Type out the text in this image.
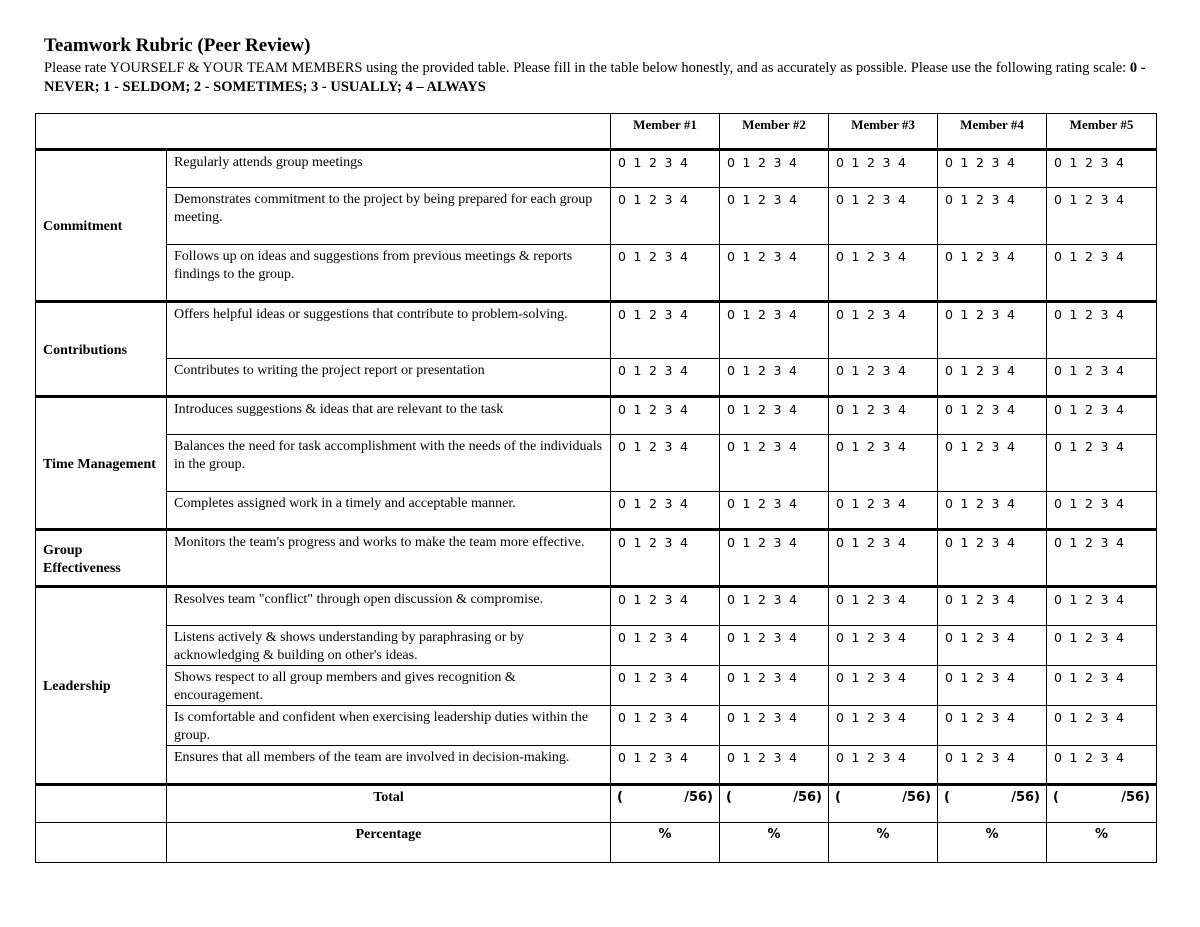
Teamwork Rubric (Peer Review)
Please rate YOURSELF & YOUR TEAM MEMBERS using the provided table. Please fill in the table below honestly, and as accurately as possible. Please use the following rating scale: 0 - NEVER; 1 - SELDOM; 2 - SOMETIMES; 3 - USUALLY; 4 – ALWAYS
		Member #1	Member #2	Member #3	Member #4	Member #5
Commitment	Regularly attends group meetings	0 1 2 3 4	0 1 2 3 4	0 1 2 3 4	0 1 2 3 4	0 1 2 3 4
	Demonstrates commitment to the project by being prepared for each group meeting.	0 1 2 3 4	0 1 2 3 4	0 1 2 3 4	0 1 2 3 4	0 1 2 3 4
	Follows up on ideas and suggestions from previous meetings & reports findings to the group.	0 1 2 3 4	0 1 2 3 4	0 1 2 3 4	0 1 2 3 4	0 1 2 3 4
Contributions	Offers helpful ideas or suggestions that contribute to problem-solving.	0 1 2 3 4	0 1 2 3 4	0 1 2 3 4	0 1 2 3 4	0 1 2 3 4
	Contributes to writing the project report or presentation	0 1 2 3 4	0 1 2 3 4	0 1 2 3 4	0 1 2 3 4	0 1 2 3 4
Time Management	Introduces suggestions & ideas that are relevant to the task	0 1 2 3 4	0 1 2 3 4	0 1 2 3 4	0 1 2 3 4	0 1 2 3 4
	Balances the need for task accomplishment with the needs of the individuals in the group.	0 1 2 3 4	0 1 2 3 4	0 1 2 3 4	0 1 2 3 4	0 1 2 3 4
	Completes assigned work in a timely and acceptable manner.	0 1 2 3 4	0 1 2 3 4	0 1 2 3 4	0 1 2 3 4	0 1 2 3 4
Group Effectiveness	Monitors the team's progress and works to make the team more effective.	0 1 2 3 4	0 1 2 3 4	0 1 2 3 4	0 1 2 3 4	0 1 2 3 4
Leadership	Resolves team "conflict" through open discussion & compromise.	0 1 2 3 4	0 1 2 3 4	0 1 2 3 4	0 1 2 3 4	0 1 2 3 4
	Listens actively & shows understanding by paraphrasing or by acknowledging & building on other's ideas.	0 1 2 3 4	0 1 2 3 4	0 1 2 3 4	0 1 2 3 4	0 1 2 3 4
	Shows respect to all group members and gives recognition & encouragement.	0 1 2 3 4	0 1 2 3 4	0 1 2 3 4	0 1 2 3 4	0 1 2 3 4
	Is comfortable and confident when exercising leadership duties within the group.	0 1 2 3 4	0 1 2 3 4	0 1 2 3 4	0 1 2 3 4	0 1 2 3 4
	Ensures that all members of the team are involved in decision-making.	0 1 2 3 4	0 1 2 3 4	0 1 2 3 4	0 1 2 3 4	0 1 2 3 4
	Total	( /56)	( /56)	( /56)	( /56)	( /56)

	Percentage	%	%	%	%	%
